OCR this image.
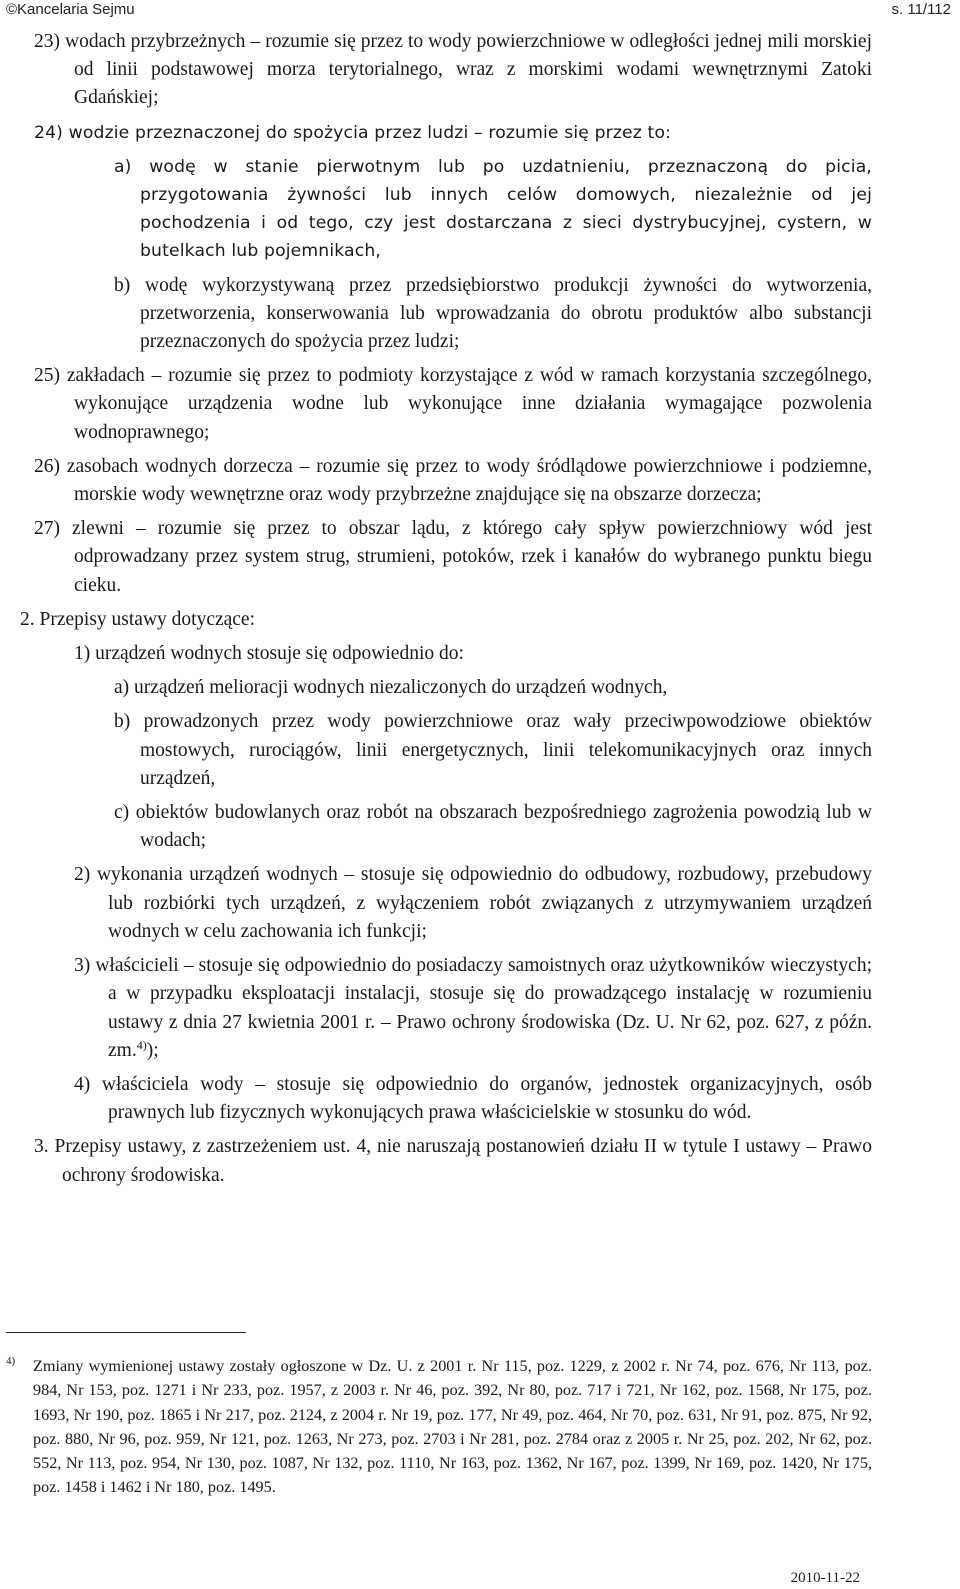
©Kancelaria Sejmu	s. 11/112

23) wodach przybrzeżnych – rozumie się przez to wody powierzchniowe w odległości jednej mili morskiej od linii podstawowej morza terytorialnego, wraz z morskimi wodami wewnętrznymi Zatoki Gdańskiej;

24) wodzie przeznaczonej do spożycia przez ludzi – rozumie się przez to:

a) wodę w stanie pierwotnym lub po uzdatnieniu, przeznaczoną do picia, przygotowania żywności lub innych celów domowych, niezależnie od jej pochodzenia i od tego, czy jest dostarczana z sieci dystrybucyjnej, cystern, w butelkach lub pojemnikach,

b) wodę wykorzystywaną przez przedsiębiorstwo produkcji żywności do wytworzenia, przetworzenia, konserwowania lub wprowadzania do obrotu produktów albo substancji przeznaczonych do spożycia przez ludzi;

25) zakładach – rozumie się przez to podmioty korzystające z wód w ramach korzystania szczególnego, wykonujące urządzenia wodne lub wykonujące inne działania wymagające pozwolenia wodnoprawnego;

26) zasobach wodnych dorzecza – rozumie się przez to wody śródlądowe powierzchniowe i podziemne, morskie wody wewnętrzne oraz wody przybrzeżne znajdujące się na obszarze dorzecza;

27) zlewni – rozumie się przez to obszar lądu, z którego cały spływ powierzchniowy wód jest odprowadzany przez system strug, strumieni, potoków, rzek i kanałów do wybranego punktu biegu cieku.

2. Przepisy ustawy dotyczące:

1) urządzeń wodnych stosuje się odpowiednio do:

a) urządzeń melioracji wodnych niezaliczonych do urządzeń wodnych,

b) prowadzonych przez wody powierzchniowe oraz wały przeciwpowodziowe obiektów mostowych, rurociągów, linii energetycznych, linii telekomunikacyjnych oraz innych urządzeń,

c) obiektów budowlanych oraz robót na obszarach bezpośredniego zagrożenia powodzią lub w wodach;

2) wykonania urządzeń wodnych – stosuje się odpowiednio do odbudowy, rozbudowy, przebudowy lub rozbiórki tych urządzeń, z wyłączeniem robót związanych z utrzymywaniem urządzeń wodnych w celu zachowania ich funkcji;

3) właścicieli – stosuje się odpowiednio do posiadaczy samoistnych oraz użytkowników wieczystych; a w przypadku eksploatacji instalacji, stosuje się do prowadzącego instalację w rozumieniu ustawy z dnia 27 kwietnia 2001 r. – Prawo ochrony środowiska (Dz. U. Nr 62, poz. 627, z późn. zm.$^{4)}$);

4) właściciela wody – stosuje się odpowiednio do organów, jednostek organizacyjnych, osób prawnych lub fizycznych wykonujących prawa właścicielskie w stosunku do wód.

3. Przepisy ustawy, z zastrzeżeniem ust. 4, nie naruszają postanowień działu II w tytule I ustawy – Prawo ochrony środowiska.

4) Zmiany wymienionej ustawy zostały ogłoszone w Dz. U. z 2001 r. Nr 115, poz. 1229, z 2002 r. Nr 74, poz. 676, Nr 113, poz. 984, Nr 153, poz. 1271 i Nr 233, poz. 1957, z 2003 r. Nr 46, poz. 392, Nr 80, poz. 717 i 721, Nr 162, poz. 1568, Nr 175, poz. 1693, Nr 190, poz. 1865 i Nr 217, poz. 2124, z 2004 r. Nr 19, poz. 177, Nr 49, poz. 464, Nr 70, poz. 631, Nr 91, poz. 875, Nr 92, poz. 880, Nr 96, poz. 959, Nr 121, poz. 1263, Nr 273, poz. 2703 i Nr 281, poz. 2784 oraz z 2005 r. Nr 25, poz. 202, Nr 62, poz. 552, Nr 113, poz. 954, Nr 130, poz. 1087, Nr 132, poz. 1110, Nr 163, poz. 1362, Nr 167, poz. 1399, Nr 169, poz. 1420, Nr 175, poz. 1458 i 1462 i Nr 180, poz. 1495.
2010-11-22
